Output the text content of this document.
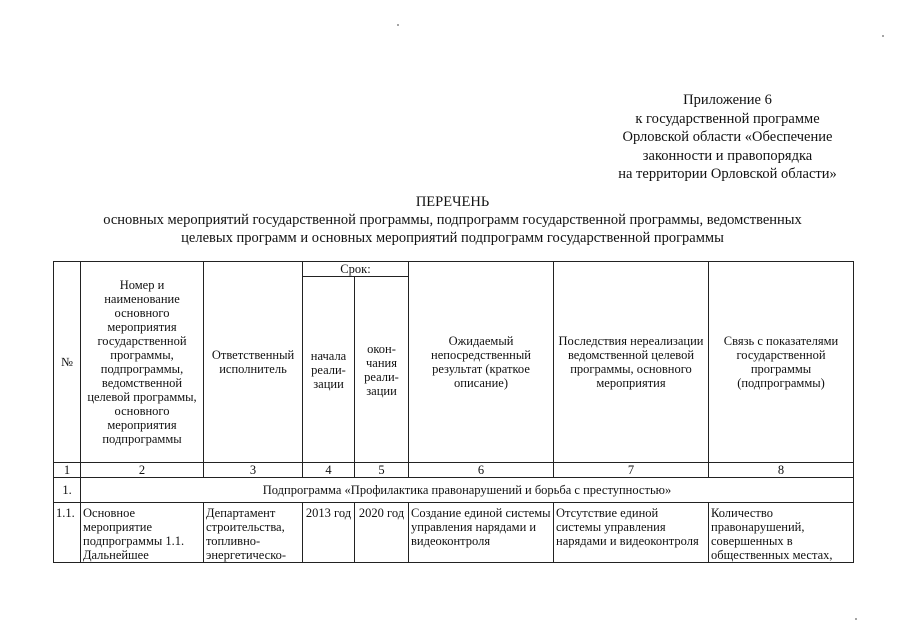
Приложение 6
к государственной программе
Орловской области «Обеспечение
законности и правопорядка
на территории Орловской области»
ПЕРЕЧЕНЬ
основных мероприятий государственной программы, подпрограмм государственной программы, ведомственных
целевых программ и основных мероприятий подпрограмм государственной программы
№	Номер и наименование основного мероприятия государственной программы, подпрограммы, ведомственной целевой программы, основного мероприятия подпрограммы	Ответственный исполнитель	Срок:		Ожидаемый непосредственный результат (краткое описание)	Последствия нереализации ведомственной целевой программы, основного мероприятия	Связь с показателями государственной программы (подпрограммы)
			начала реали-зации	окон-чания реали-зации			
1	2	3	4	5	6	7	8
1.	Подпрограмма «Профилактика правонарушений и борьба с преступностью»						
1.1.	Основное мероприятие подпрограммы 1.1. Дальнейшее	Департамент строительства, топливно-энергетическо-	2013 год	2020 год	Создание единой системы управления нарядами и видеоконтроля	Отсутствие единой системы управления нарядами и видеоконтроля	Количество правонарушений, совершенных в общественных местах,
